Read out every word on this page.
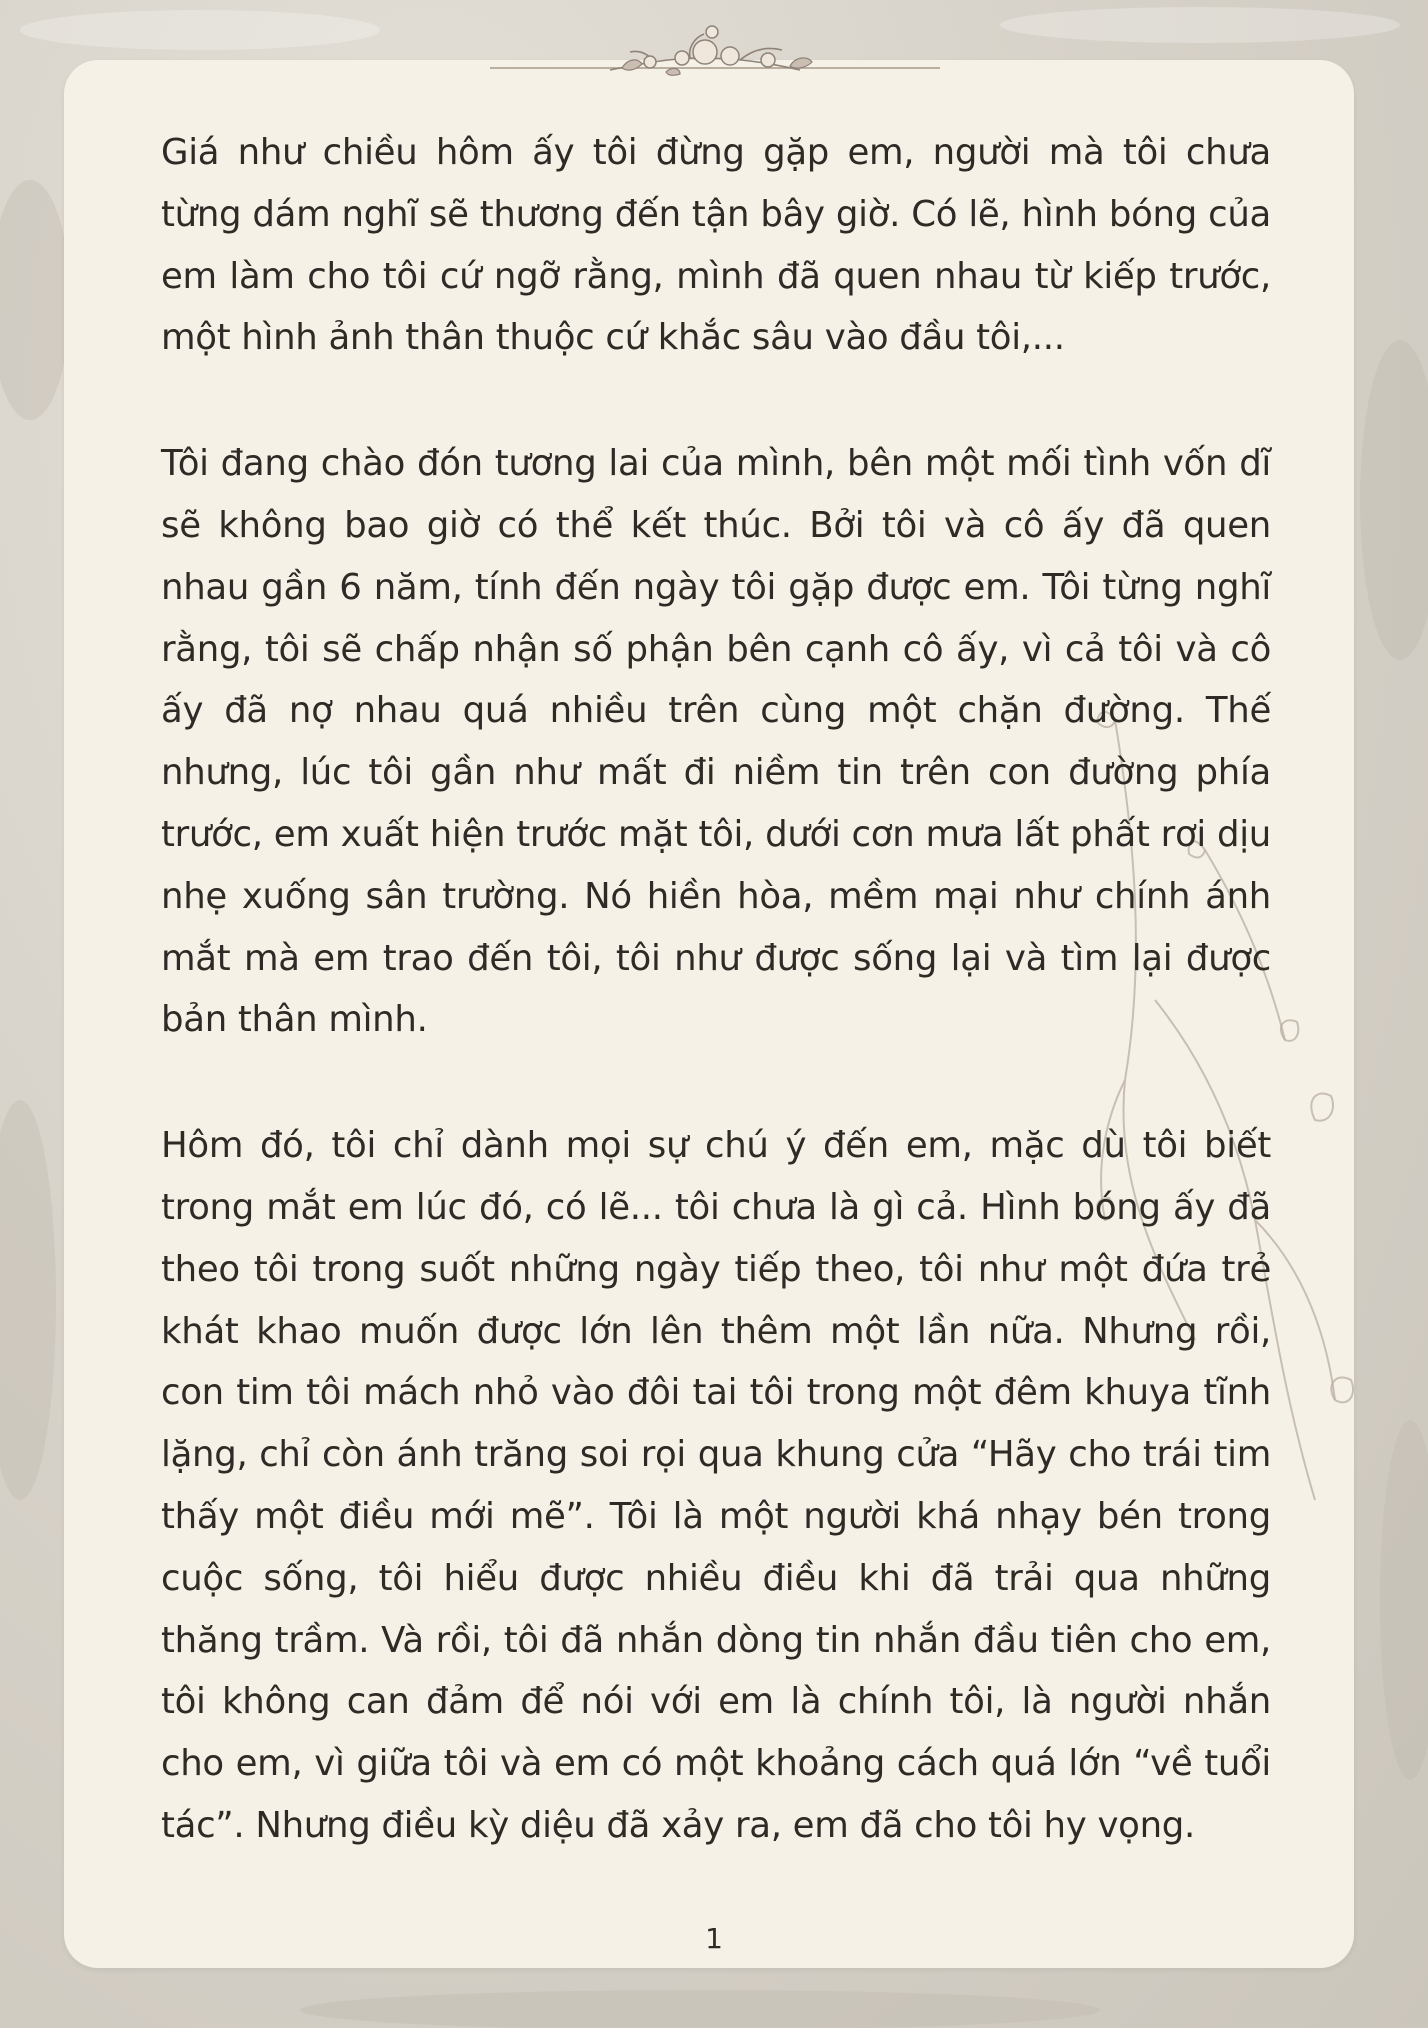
Giá như chiều hôm ấy tôi đừng gặp em, người mà tôi chưa từng dám nghĩ sẽ thương đến tận bây giờ. Có lẽ, hình bóng của em làm cho tôi cứ ngỡ rằng, mình đã quen nhau từ kiếp trước, một hình ảnh thân thuộc cứ khắc sâu vào đầu tôi,...

Tôi đang chào đón tương lai của mình, bên một mối tình vốn dĩ sẽ không bao giờ có thể kết thúc. Bởi tôi và cô ấy đã quen nhau gần 6 năm, tính đến ngày tôi gặp được em. Tôi từng nghĩ rằng, tôi sẽ chấp nhận số phận bên cạnh cô ấy, vì cả tôi và cô ấy đã nợ nhau quá nhiều trên cùng một chặn đường. Thế nhưng, lúc tôi gần như mất đi niềm tin trên con đường phía trước, em xuất hiện trước mặt tôi, dưới cơn mưa lất phất rơi dịu nhẹ xuống sân trường. Nó hiền hòa, mềm mại như chính ánh mắt mà em trao đến tôi, tôi như được sống lại và tìm lại được bản thân mình.

Hôm đó, tôi chỉ dành mọi sự chú ý đến em, mặc dù tôi biết trong mắt em lúc đó, có lẽ... tôi chưa là gì cả. Hình bóng ấy đã theo tôi trong suốt những ngày tiếp theo, tôi như một đứa trẻ khát khao muốn được lớn lên thêm một lần nữa. Nhưng rồi, con tim tôi mách nhỏ vào đôi tai tôi trong một đêm khuya tĩnh lặng, chỉ còn ánh trăng soi rọi qua khung cửa “Hãy cho trái tim thấy một điều mới mẽ”. Tôi là một người khá nhạy bén trong cuộc sống, tôi hiểu được nhiều điều khi đã trải qua những thăng trầm. Và rồi, tôi đã nhắn dòng tin nhắn đầu tiên cho em, tôi không can đảm để nói với em là chính tôi, là người nhắn cho em, vì giữa tôi và em có một khoảng cách quá lớn “về tuổi tác”. Nhưng điều kỳ diệu đã xảy ra, em đã cho tôi hy vọng.

1
